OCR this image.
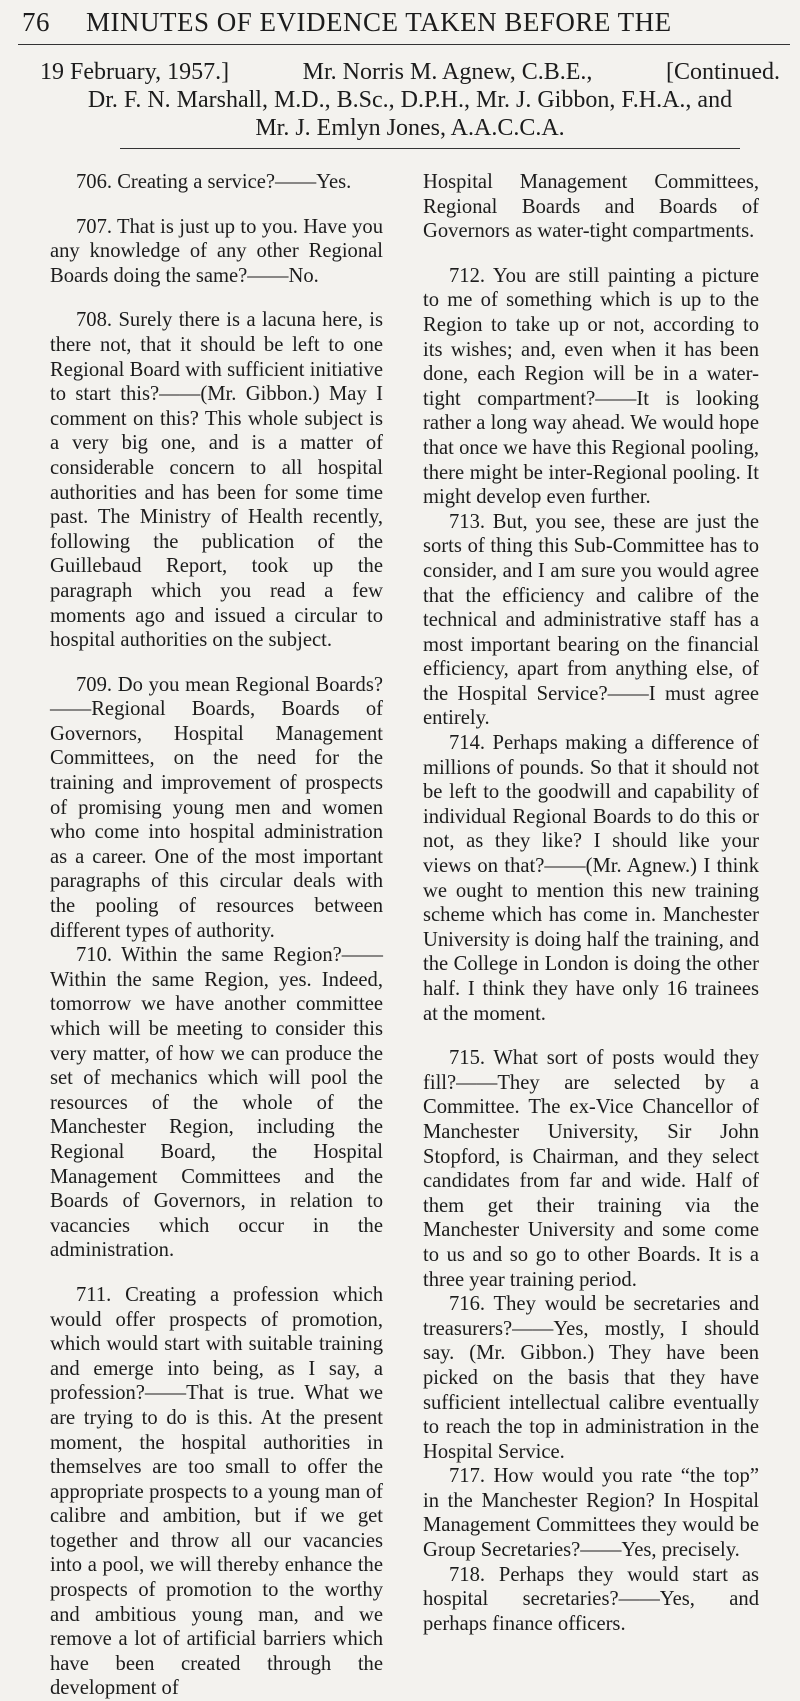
76 MINUTES OF EVIDENCE TAKEN BEFORE THE
19 February, 1957.]	Mr. Norris M. Agnew, C.B.E.,	[Continued.
Dr. F. N. Marshall, M.D., B.Sc., D.P.H., Mr. J. Gibbon, F.H.A., and
Mr. J. Emlyn Jones, A.A.C.C.A.

706. Creating a service?——Yes.

707. That is just up to you. Have you any knowledge of any other Regional Boards doing the same?——No.

708. Surely there is a lacuna here, is there not, that it should be left to one Regional Board with sufficient initiative to start this?——(Mr. Gibbon.) May I comment on this? This whole subject is a very big one, and is a matter of considerable concern to all hospital authorities and has been for some time past. The Ministry of Health recently, following the publication of the Guillebaud Report, took up the paragraph which you read a few moments ago and issued a circular to hospital authorities on the subject.

709. Do you mean Regional Boards?——Regional Boards, Boards of Governors, Hospital Management Committees, on the need for the training and improvement of prospects of promising young men and women who come into hospital administration as a career. One of the most important paragraphs of this circular deals with the pooling of resources between different types of authority.

710. Within the same Region?——Within the same Region, yes. Indeed, tomorrow we have another committee which will be meeting to consider this very matter, of how we can produce the set of mechanics which will pool the resources of the whole of the Manchester Region, including the Regional Board, the Hospital Management Committees and the Boards of Governors, in relation to vacancies which occur in the administration.

711. Creating a profession which would offer prospects of promotion, which would start with suitable training and emerge into being, as I say, a profession?——That is true. What we are trying to do is this. At the present moment, the hospital authorities in themselves are too small to offer the appropriate prospects to a young man of calibre and ambition, but if we get together and throw all our vacancies into a pool, we will thereby enhance the prospects of promotion to the worthy and ambitious young man, and we remove a lot of artificial barriers which have been created through the development of

Hospital Management Committees, Regional Boards and Boards of Governors as water-tight compartments.

712. You are still painting a picture to me of something which is up to the Region to take up or not, according to its wishes; and, even when it has been done, each Region will be in a water-tight compartment?——It is looking rather a long way ahead. We would hope that once we have this Regional pooling, there might be inter-Regional pooling. It might develop even further.

713. But, you see, these are just the sorts of thing this Sub-Committee has to consider, and I am sure you would agree that the efficiency and calibre of the technical and administrative staff has a most important bearing on the financial efficiency, apart from anything else, of the Hospital Service?——I must agree entirely.

714. Perhaps making a difference of millions of pounds. So that it should not be left to the goodwill and capability of individual Regional Boards to do this or not, as they like? I should like your views on that?——(Mr. Agnew.) I think we ought to mention this new training scheme which has come in. Manchester University is doing half the training, and the College in London is doing the other half. I think they have only 16 trainees at the moment.

715. What sort of posts would they fill?——They are selected by a Committee. The ex-Vice Chancellor of Manchester University, Sir John Stopford, is Chairman, and they select candidates from far and wide. Half of them get their training via the Manchester University and some come to us and so go to other Boards. It is a three year training period.

716. They would be secretaries and treasurers?——Yes, mostly, I should say. (Mr. Gibbon.) They have been picked on the basis that they have sufficient intellectual calibre eventually to reach the top in administration in the Hospital Service.

717. How would you rate “the top” in the Manchester Region? In Hospital Management Committees they would be Group Secretaries?——Yes, precisely.

718. Perhaps they would start as hospital secretaries?——Yes, and perhaps finance officers.
